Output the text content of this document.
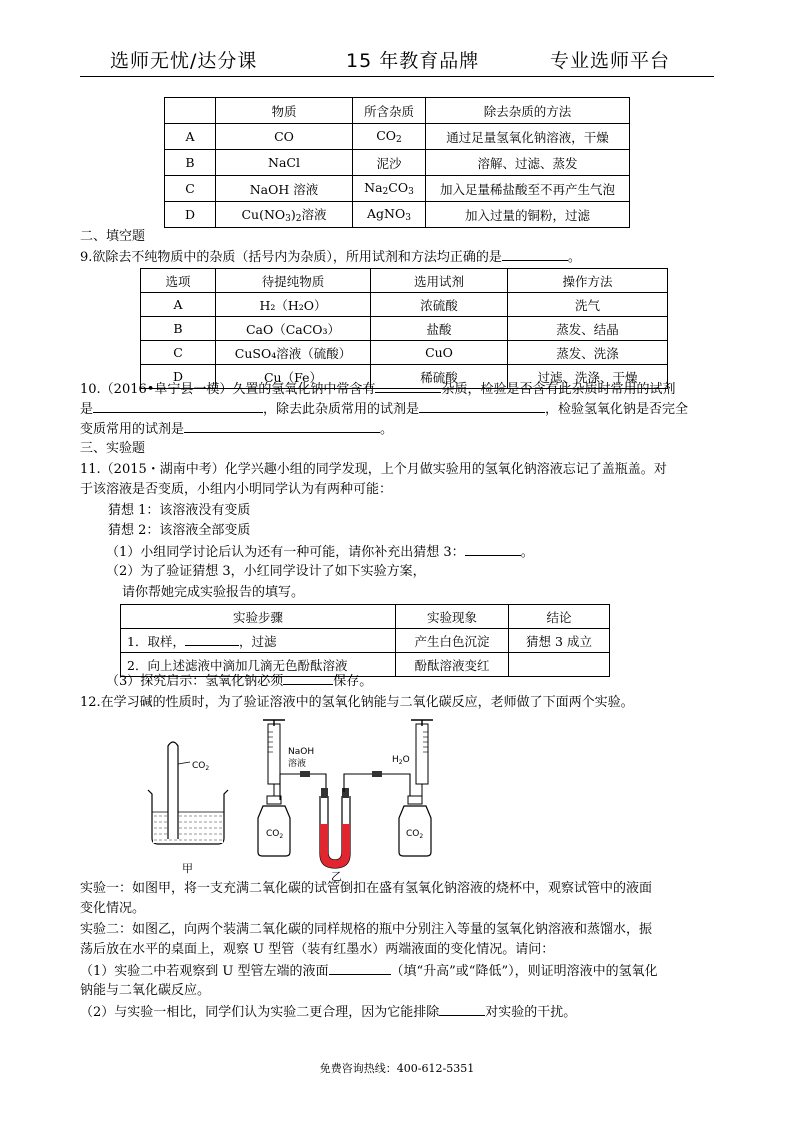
选师无忧/达分课	15 年教育品牌	专业选师平台
	物质	所含杂质	除去杂质的方法
A	CO	$CO_2$	通过足量氢氧化钠溶液，干燥
B	NaCl	泥沙	溶解、过滤、蒸发
C	NaOH 溶液	$Na_2CO_3$	加入足量稀盐酸至不再产生气泡
D	$Cu(NO_3)_2$溶液	AgNO$_3$	加入过量的铜粉，过滤
二、填空题
9.欲除去不纯物质中的杂质（括号内为杂质），所用试剂和方法均正确的是	。
选项	待提纯物质	选用试剂	操作方法
A	H₂（H₂O）	浓硫酸	洗气
B	CaO（CaCO₃）	盐酸	蒸发、结晶
C	CuSO₄溶液（硫酸）	CuO	蒸发、洗涤
D	Cu（Fe）	稀硫酸	过滤、洗涤、干燥
10.（2016•阜宁县一模）久置的氢氧化钠中常含有	杂质，检验是否含有此杂质时常用的试剂
是	，除去此杂质常用的试剂是	，检验氢氧化钠是否完全
变质常用的试剂是	。
三、实验题
11.（2015・湖南中考）化学兴趣小组的同学发现，上个月做实验用的氢氧化钠溶液忘记了盖瓶盖。对
于该溶液是否变质，小组内小明同学认为有两种可能：
猜想 1：该溶液没有变质
猜想 2：该溶液全部变质
（1）小组同学讨论后认为还有一种可能，请你补充出猜想 3：	。
（2）为了验证猜想 3，小红同学设计了如下实验方案，
请你帮她完成实验报告的填写。
实验步骤	实验现象	结论
1．取样， ，过滤	产生白色沉淀	猜想 3 成立
2．向上述滤液中滴加几滴无色酚酞溶液	酚酞溶液变红	
（3）探究启示：氢氧化钠必须	保存。
12.在学习碱的性质时，为了验证溶液中的氢氧化钠能与二氧化碳反应，老师做了下面两个实验。
$CO_2$
甲
NaOH
溶液
$CO_2$
乙
$H_2O$
$CO_2$
实验一：如图甲，将一支充满二氧化碳的试管倒扣在盛有氢氧化钠溶液的烧杯中，观察试管中的液面
变化情况。
实验二：如图乙，向两个装满二氧化碳的同样规格的瓶中分别注入等量的氢氧化钠溶液和蒸馏水，振
荡后放在水平的桌面上，观察 U 型管（装有红墨水）两端液面的变化情况。请问：
（1）实验二中若观察到 U 型管左端的液面	（填“升高”或“降低”），则证明溶液中的氢氧化
钠能与二氧化碳反应。
（2）与实验一相比，同学们认为实验二更合理，因为它能排除	对实验的干扰。
免费咨询热线：400-612-5351
